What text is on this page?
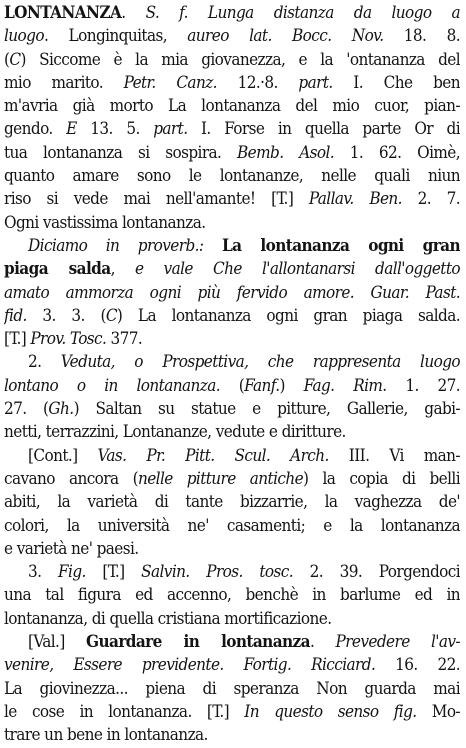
LONTANANZA. S. f. Lunga distanza da luogo a
luogo. Longinquitas, aureo lat. Bocc. Nov. 18. 8.
(C) Siccome è la mia giovanezza, e la 'ontananza del
mio marito. Petr. Canz. 12.·8. part. I. Che ben
m'avria già morto La lontananza del mio cuor, pian-
gendo. E 13. 5. part. I. Forse in quella parte Or di
tua lontananza si sospira. Bemb. Asol. 1. 62. Oimè,
quanto amare sono le lontananze, nelle quali niun
riso si vede mai nell'amante! [T.] Pallav. Ben. 2. 7.
Ogni vastissima lontananza.
Diciamo in proverb.: La lontananza ogni gran
piaga salda, e vale Che l'allontanarsi dall'oggetto
amato ammorza ogni più fervido amore. Guar. Past.
fid. 3. 3. (C) La lontananza ogni gran piaga salda.
[T.] Prov. Tosc. 377.
2. Veduta, o Prospettiva, che rappresenta luogo
lontano o in lontananza. (Fanf.) Fag. Rim. 1. 27.
27. (Gh.) Saltan su statue e pitture, Gallerie, gabi-
netti, terrazzini, Lontananze, vedute e diritture.
[Cont.] Vas. Pr. Pitt. Scul. Arch. III. Vi man-
cavano ancora (nelle pitture antiche) la copia di belli
abiti, la varietà di tante bizzarrie, la vaghezza de'
colori, la università ne' casamenti; e la lontananza
e varietà ne' paesi.
3. Fig. [T.] Salvin. Pros. tosc. 2. 39. Porgendoci
una tal figura ed accenno, benchè in barlume ed in
lontananza, di quella cristiana mortificazione.
[Val.] Guardare in lontananza. Prevedere l'av-
venire, Essere previdente. Fortig. Ricciard. 16. 22.
La giovinezza... piena di speranza Non guarda mai
le cose in lontananza. [T.] In questo senso fig. Mo-
trare un bene in lontananza.
